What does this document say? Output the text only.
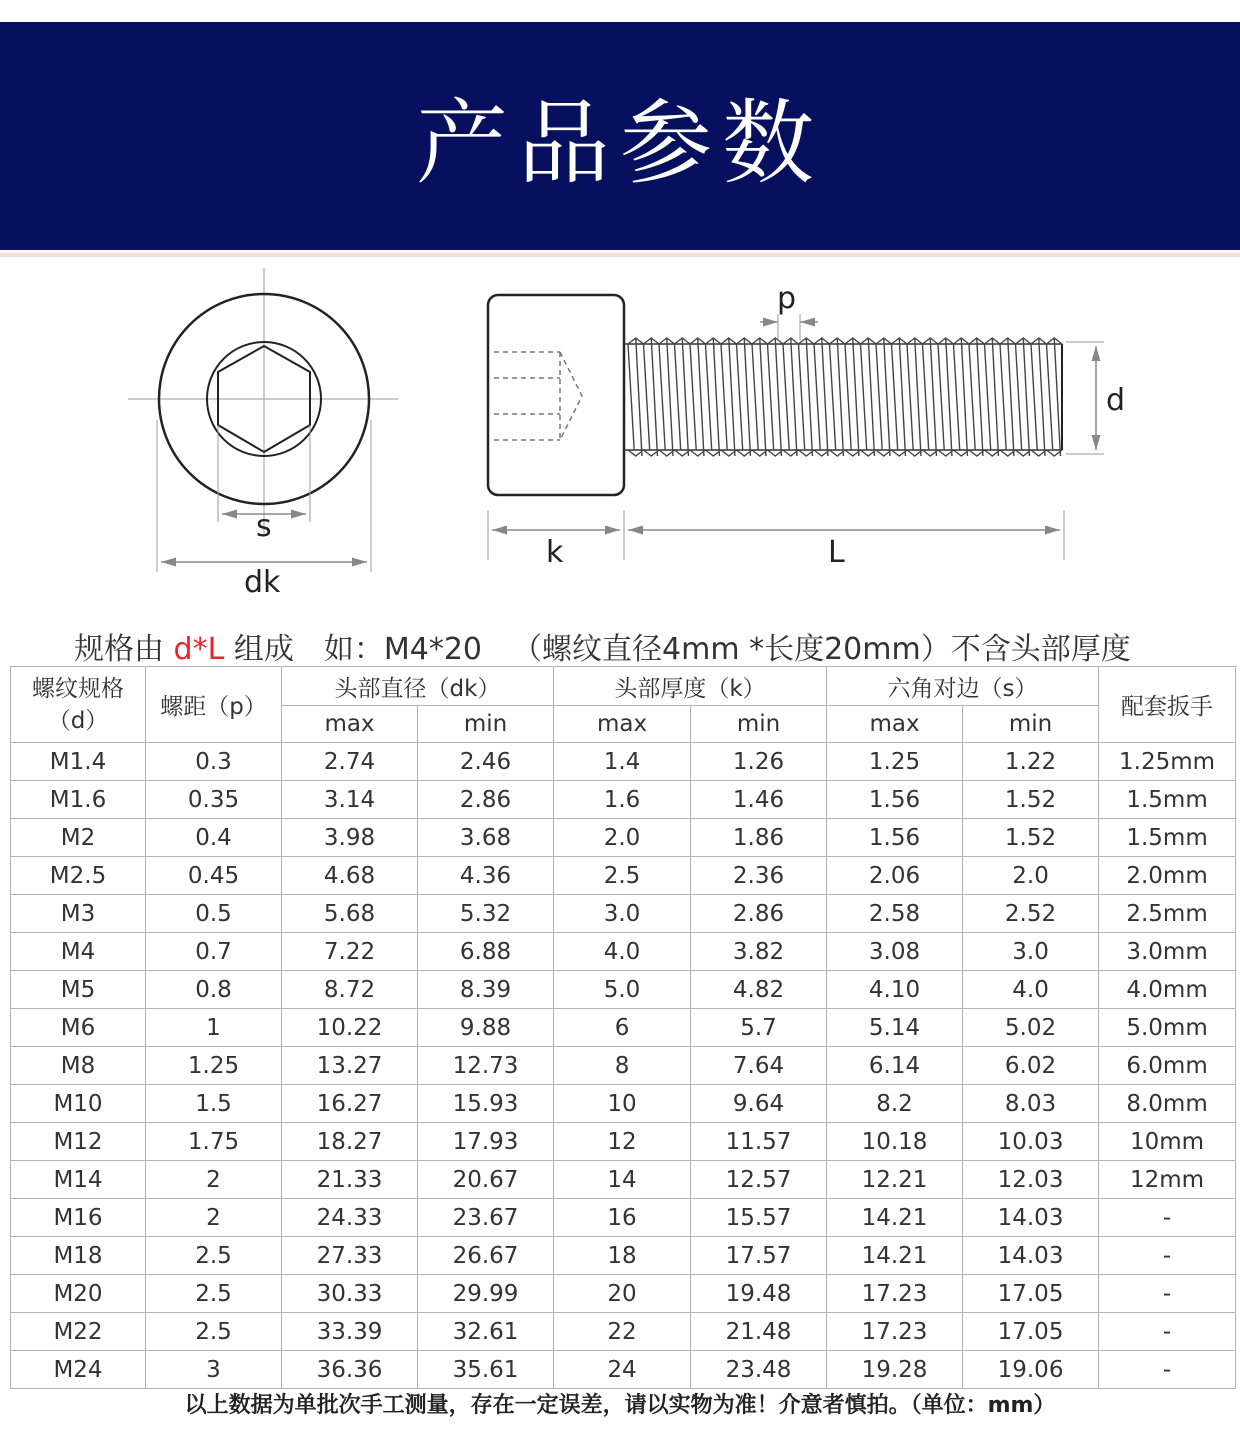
产品参数
s
dk
p
d
k	L
规格由 d*L 组成 如：M4*20 （螺纹直径4mm *长度20mm）不含头部厚度
螺纹规格
（d）	螺距（p）	头部直径（dk）		头部厚度（k）		六角对边（s）		配套扳手
		max	min	max	min	max	min	
M1.4	0.3	2.74	2.46	1.4	1.26	1.25	1.22	1.25mm
M1.6	0.35	3.14	2.86	1.6	1.46	1.56	1.52	1.5mm
M2	0.4	3.98	3.68	2.0	1.86	1.56	1.52	1.5mm
M2.5	0.45	4.68	4.36	2.5	2.36	2.06	2.0	2.0mm
M3	0.5	5.68	5.32	3.0	2.86	2.58	2.52	2.5mm
M4	0.7	7.22	6.88	4.0	3.82	3.08	3.0	3.0mm
M5	0.8	8.72	8.39	5.0	4.82	4.10	4.0	4.0mm
M6	1	10.22	9.88	6	5.7	5.14	5.02	5.0mm
M8	1.25	13.27	12.73	8	7.64	6.14	6.02	6.0mm
M10	1.5	16.27	15.93	10	9.64	8.2	8.03	8.0mm
M12	1.75	18.27	17.93	12	11.57	10.18	10.03	10mm
M14	2	21.33	20.67	14	12.57	12.21	12.03	12mm
M16	2	24.33	23.67	16	15.57	14.21	14.03	-
M18	2.5	27.33	26.67	18	17.57	14.21	14.03	-
M20	2.5	30.33	29.99	20	19.48	17.23	17.05	-
M22	2.5	33.39	32.61	22	21.48	17.23	17.05	-
M24	3	36.36	35.61	24	23.48	19.28	19.06	-
以上数据为单批次手工测量，存在一定误差，请以实物为准！介意者慎拍。（单位：mm）
